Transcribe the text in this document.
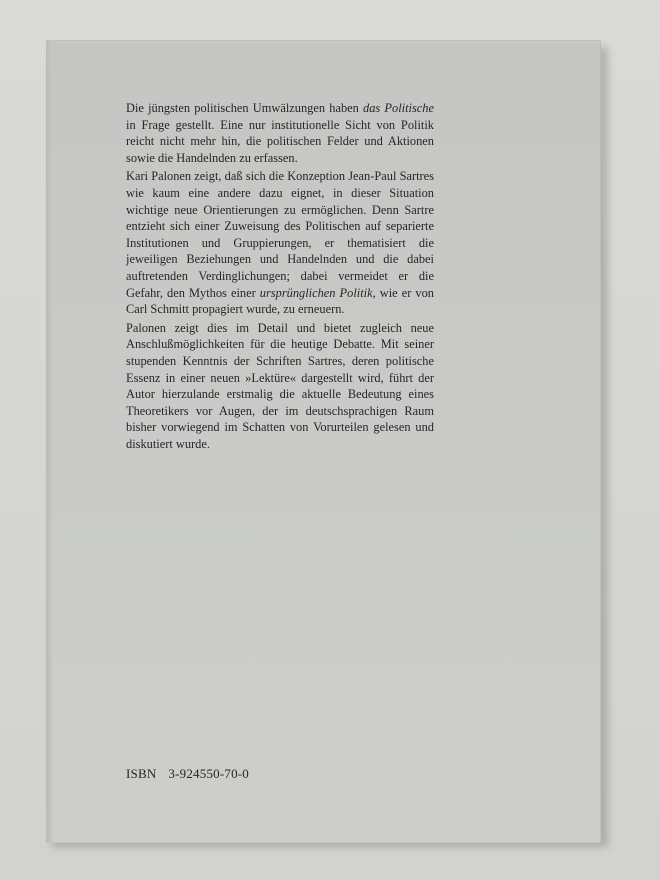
Die jüngsten politischen Umwälzungen haben das Politische in Frage gestellt. Eine nur institutionelle Sicht von Politik reicht nicht mehr hin, die politischen Felder und Aktionen sowie die Handelnden zu erfassen.

Kari Palonen zeigt, daß sich die Konzeption Jean-Paul Sartres wie kaum eine andere dazu eignet, in dieser Situation wichtige neue Orientierungen zu ermöglichen. Denn Sartre entzieht sich einer Zuweisung des Politischen auf separierte Institutionen und Gruppierungen, er thematisiert die jeweiligen Beziehungen und Handelnden und die dabei auftretenden Verdinglichungen; dabei vermeidet er die Gefahr, den Mythos einer ursprünglichen Politik, wie er von Carl Schmitt propagiert wurde, zu erneuern.

Palonen zeigt dies im Detail und bietet zugleich neue Anschlußmöglichkeiten für die heutige Debatte. Mit seiner stupenden Kenntnis der Schriften Sartres, deren politische Essenz in einer neuen »Lektüre« dargestellt wird, führt der Autor hierzulande erstmalig die aktuelle Bedeutung eines Theoretikers vor Augen, der im deutschsprachigen Raum bisher vorwiegend im Schatten von Vorurteilen gelesen und diskutiert wurde.

ISBN 3-924550-70-0
